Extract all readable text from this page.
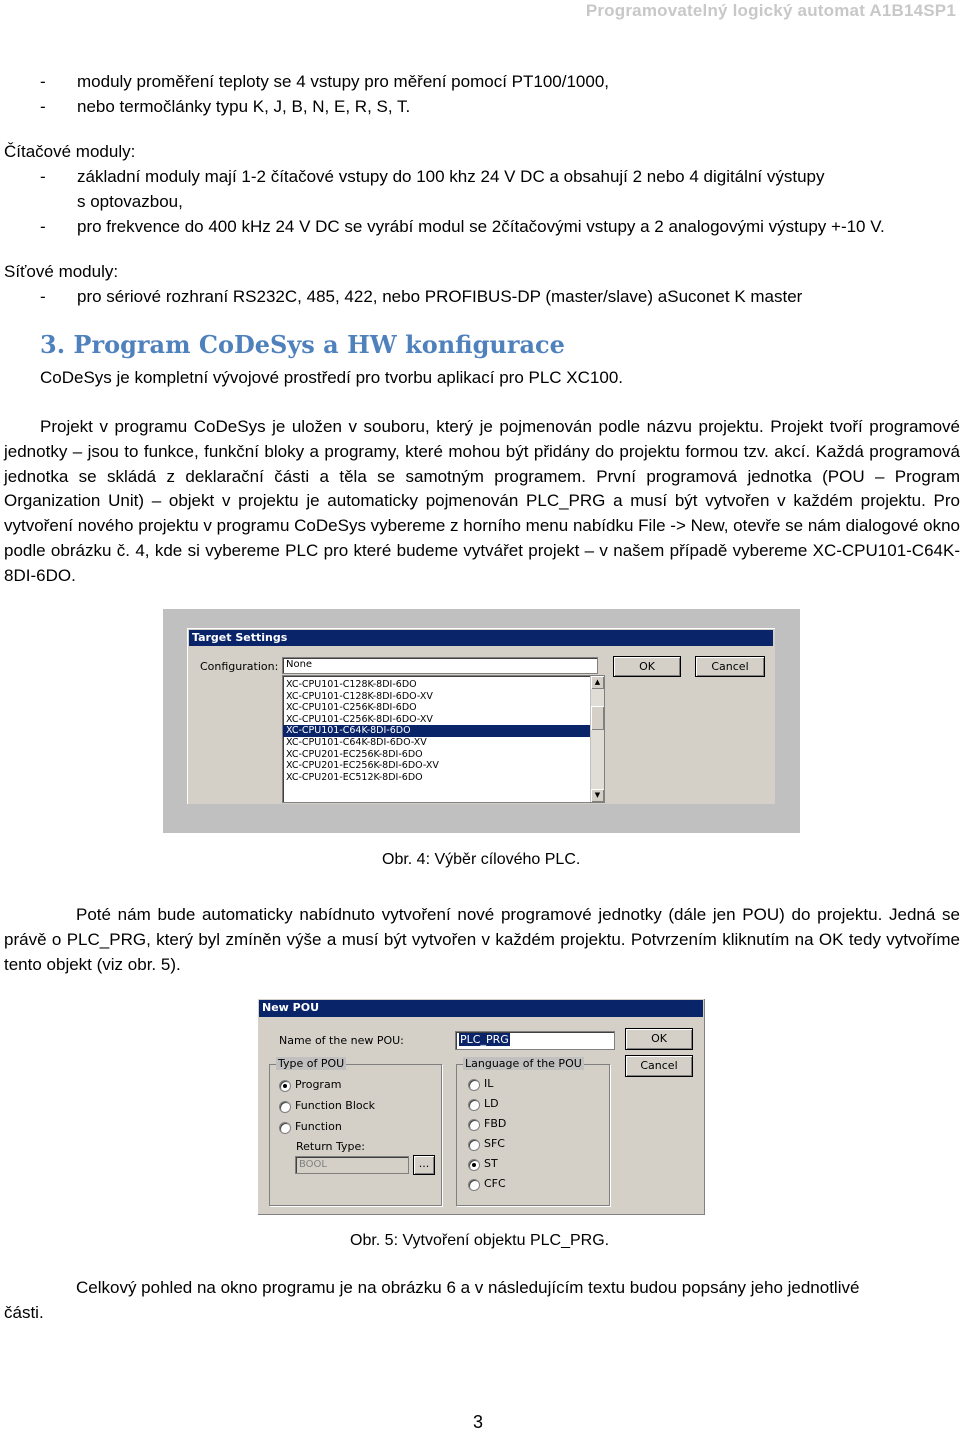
Programovatelný logický automat A1B14SP1
- moduly proměření teploty se 4 vstupy pro měření pomocí PT100/1000,
- nebo termočlánky typu K, J, B, N, E, R, S, T.
Čítačové moduly:
- základní moduly mají 1-2 čítačové vstupy do 100 khz 24 V DC a obsahují 2 nebo 4 digitální výstupy
s optovazbou,
- pro frekvence do 400 kHz 24 V DC se vyrábí modul se 2čítačovými vstupy a 2 analogovými výstupy +-10 V.
Síťové moduly:
- pro sériové rozhraní RS232C, 485, 422, nebo PROFIBUS-DP (master/slave) aSuconet K master
3. Program CoDeSys a HW konfigurace
CoDeSys je kompletní vývojové prostředí pro tvorbu aplikací pro PLC XC100.
Projekt v programu CoDeSys je uložen v souboru, který je pojmenován podle názvu projektu. Projekt tvoří programové jednotky – jsou to funkce, funkční bloky a programy, které mohou být přidány do projektu formou tzv. akcí. Každá programová jednotka se skládá z deklarační části a těla se samotným programem. První programová jednotka (POU – Program Organization Unit) – objekt v projektu je automaticky pojmenován PLC_PRG a musí být vytvořen v každém projektu. Pro vytvoření nového projektu v programu CoDeSys vybereme z horního menu nabídku File -> New, otevře se nám dialogové okno podle obrázku č. 4, kde si vybereme PLC pro které budeme vytvářet projekt – v našem případě vybereme XC-CPU101-C64K-8DI-6DO.
Target Settings
Configuration: None
XC-CPU101-C128K-8DI-6DO
XC-CPU101-C128K-8DI-6DO-XV
XC-CPU101-C256K-8DI-6DO
XC-CPU101-C256K-8DI-6DO-XV
XC-CPU101-C64K-8DI-6DO
XC-CPU101-C64K-8DI-6DO-XV
XC-CPU201-EC256K-8DI-6DO
XC-CPU201-EC256K-8DI-6DO-XV
XC-CPU201-EC512K-8DI-6DO
▲
▼
OK	Cancel
Obr. 4: Výběr cílového PLC.
Poté nám bude automaticky nabídnuto vytvoření nové programové jednotky (dále jen POU) do projektu. Jedná se právě o PLC_PRG, který byl zmíněn výše a musí být vytvořen v každém projektu. Potvrzením kliknutím na OK tedy vytvoříme tento objekt (viz obr. 5).
New POU
Name of the new POU:	PLC_PRG	OK
Cancel
Type of POU
Program
Function Block
Function
Return Type:
BOOL	...
Language of the POU
IL
LD
FBD
SFC
ST
CFC
Obr. 5: Vytvoření objektu PLC_PRG.
Celkový pohled na okno programu je na obrázku 6 a v následujícím textu budou popsány jeho jednotlivé
části.
3
